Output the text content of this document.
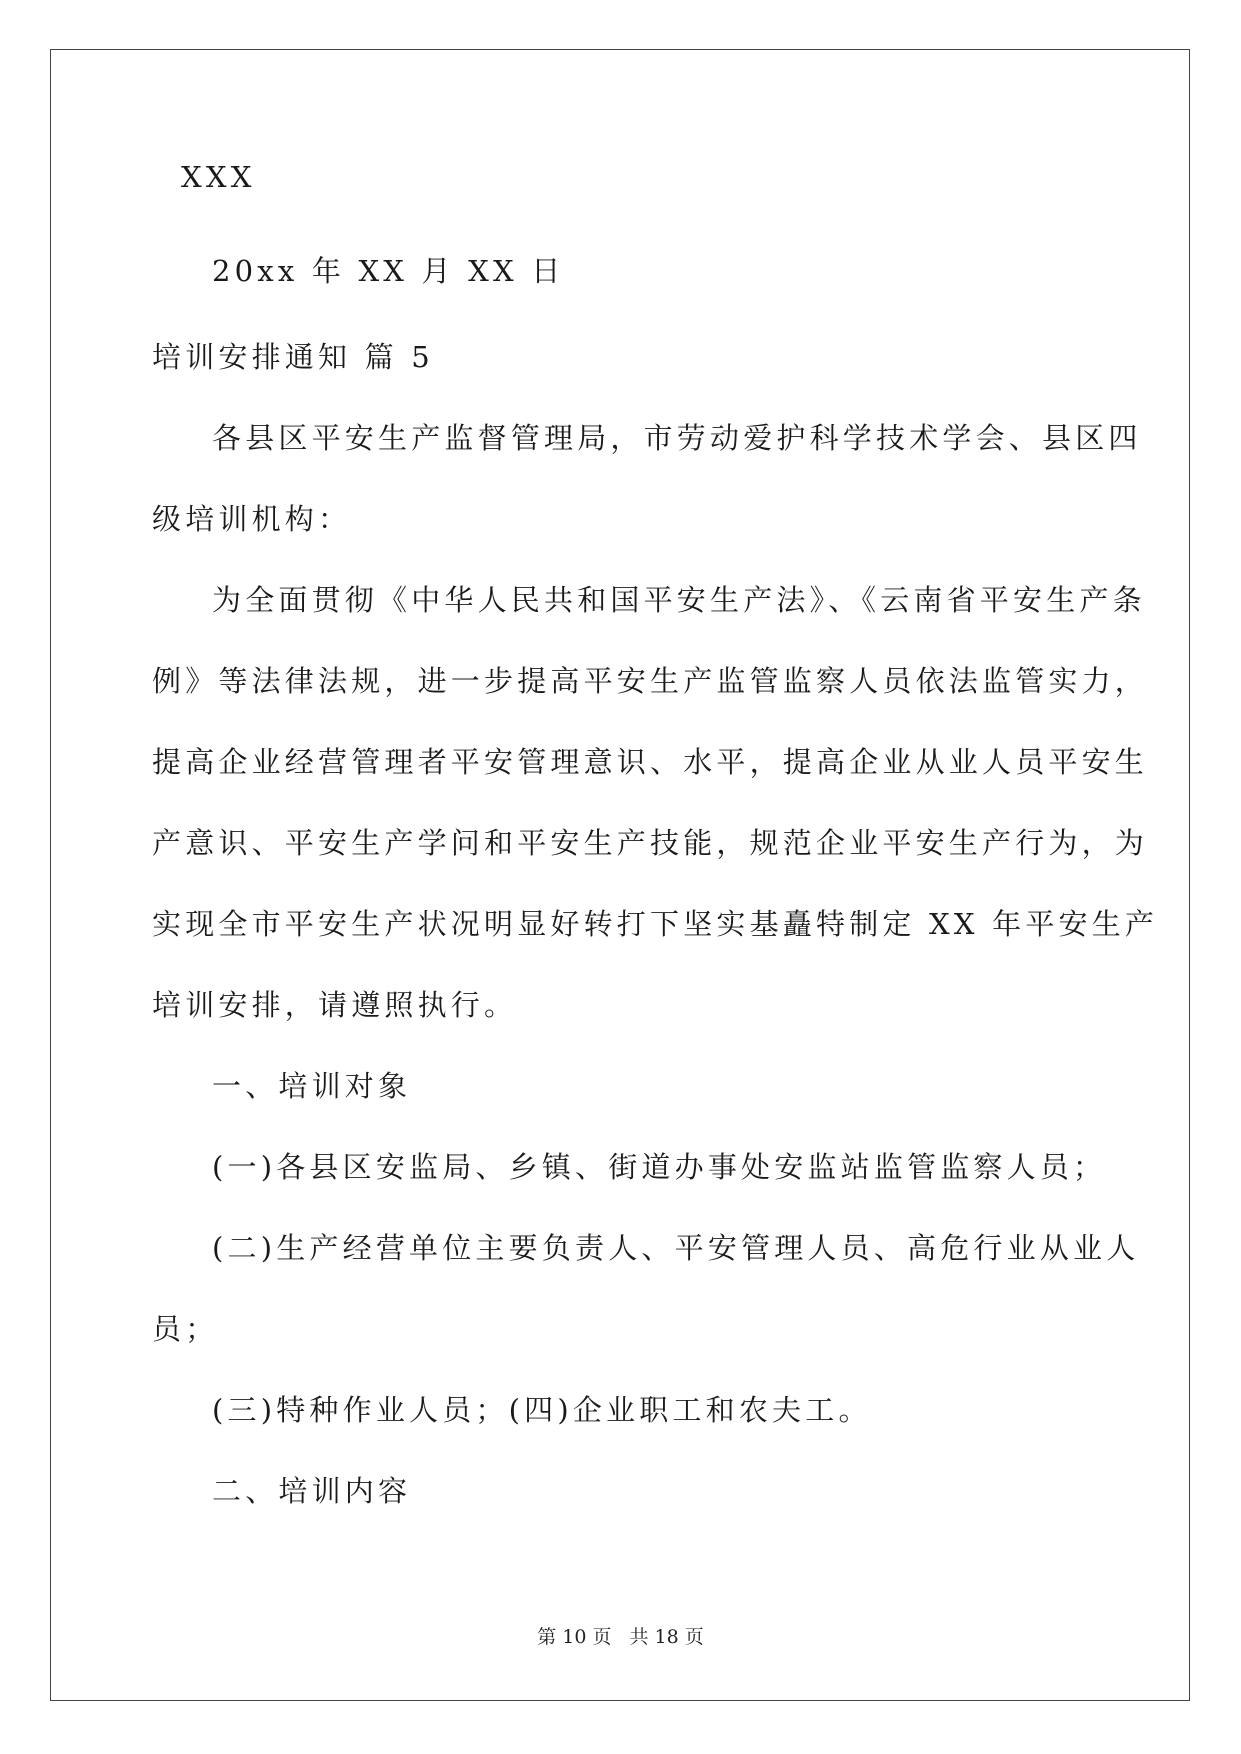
XXX
20xx 年 XX 月 XX 日
培训安排通知 篇 5
各县区平安生产监督管理局，市劳动爱护科学技术学会、县区四
级培训机构：
为全面贯彻《中华人民共和国平安生产法》、《云南省平安生产条
例》等法律法规，进一步提高平安生产监管监察人员依法监管实力，
提高企业经营管理者平安管理意识、水平，提高企业从业人员平安生
产意识、平安生产学问和平安生产技能，规范企业平安生产行为，为
实现全市平安生产状况明显好转打下坚实基矗特制定 XX 年平安生产
培训安排，请遵照执行。
一、培训对象
(一)各县区安监局、乡镇、街道办事处安监站监管监察人员；
(二)生产经营单位主要负责人、平安管理人员、高危行业从业人
员；
(三)特种作业人员；(四)企业职工和农夫工。
二、培训内容
第 10 页 共 18 页
